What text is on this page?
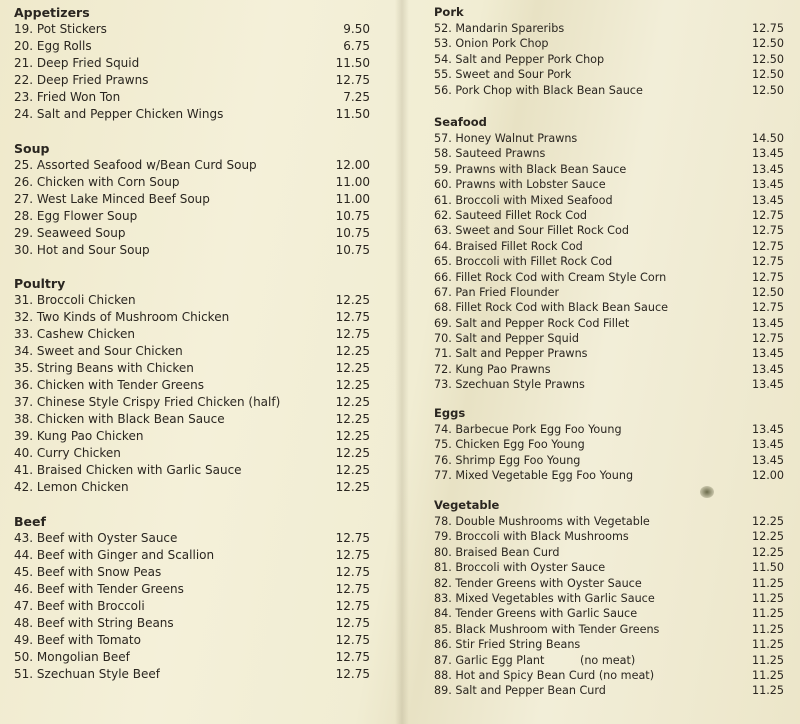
Appetizers
19. Pot Stickers	9.50
20. Egg Rolls	6.75
21. Deep Fried Squid	11.50
22. Deep Fried Prawns	12.75
23. Fried Won Ton	7.25
24. Salt and Pepper Chicken Wings	11.50
Soup
25. Assorted Seafood w/Bean Curd Soup	12.00
26. Chicken with Corn Soup	11.00
27. West Lake Minced Beef Soup	11.00
28. Egg Flower Soup	10.75
29. Seaweed Soup	10.75
30. Hot and Sour Soup	10.75
Poultry
31. Broccoli Chicken	12.25
32. Two Kinds of Mushroom Chicken	12.75
33. Cashew Chicken	12.75
34. Sweet and Sour Chicken	12.25
35. String Beans with Chicken	12.25
36. Chicken with Tender Greens	12.25
37. Chinese Style Crispy Fried Chicken (half)	12.25
38. Chicken with Black Bean Sauce	12.25
39. Kung Pao Chicken	12.25
40. Curry Chicken	12.25
41. Braised Chicken with Garlic Sauce	12.25
42. Lemon Chicken	12.25
Beef
43. Beef with Oyster Sauce	12.75
44. Beef with Ginger and Scallion	12.75
45. Beef with Snow Peas	12.75
46. Beef with Tender Greens	12.75
47. Beef with Broccoli	12.75
48. Beef with String Beans	12.75
49. Beef with Tomato	12.75
50. Mongolian Beef	12.75
51. Szechuan Style Beef	12.75
Pork
52. Mandarin Spareribs	12.75
53. Onion Pork Chop	12.50
54. Salt and Pepper Pork Chop	12.50
55. Sweet and Sour Pork	12.50
56. Pork Chop with Black Bean Sauce	12.50
Seafood
57. Honey Walnut Prawns	14.50
58. Sauteed Prawns	13.45
59. Prawns with Black Bean Sauce	13.45
60. Prawns with Lobster Sauce	13.45
61. Broccoli with Mixed Seafood	13.45
62. Sauteed Fillet Rock Cod	12.75
63. Sweet and Sour Fillet Rock Cod	12.75
64. Braised Fillet Rock Cod	12.75
65. Broccoli with Fillet Rock Cod	12.75
66. Fillet Rock Cod with Cream Style Corn	12.75
67. Pan Fried Flounder	12.50
68. Fillet Rock Cod with Black Bean Sauce	12.75
69. Salt and Pepper Rock Cod Fillet	13.45
70. Salt and Pepper Squid	12.75
71. Salt and Pepper Prawns	13.45
72. Kung Pao Prawns	13.45
73. Szechuan Style Prawns	13.45
Eggs
74. Barbecue Pork Egg Foo Young	13.45
75. Chicken Egg Foo Young	13.45
76. Shrimp Egg Foo Young	13.45
77. Mixed Vegetable Egg Foo Young	12.00
Vegetable
78. Double Mushrooms with Vegetable	12.25
79. Broccoli with Black Mushrooms	12.25
80. Braised Bean Curd	12.25
81. Broccoli with Oyster Sauce	11.50
82. Tender Greens with Oyster Sauce	11.25
83. Mixed Vegetables with Garlic Sauce	11.25
84. Tender Greens with Garlic Sauce	11.25
85. Black Mushroom with Tender Greens	11.25
86. Stir Fried String Beans	11.25
87. Garlic Egg Plant          (no meat)	11.25
88. Hot and Spicy Bean Curd (no meat)	11.25
89. Salt and Pepper Bean Curd	11.25
